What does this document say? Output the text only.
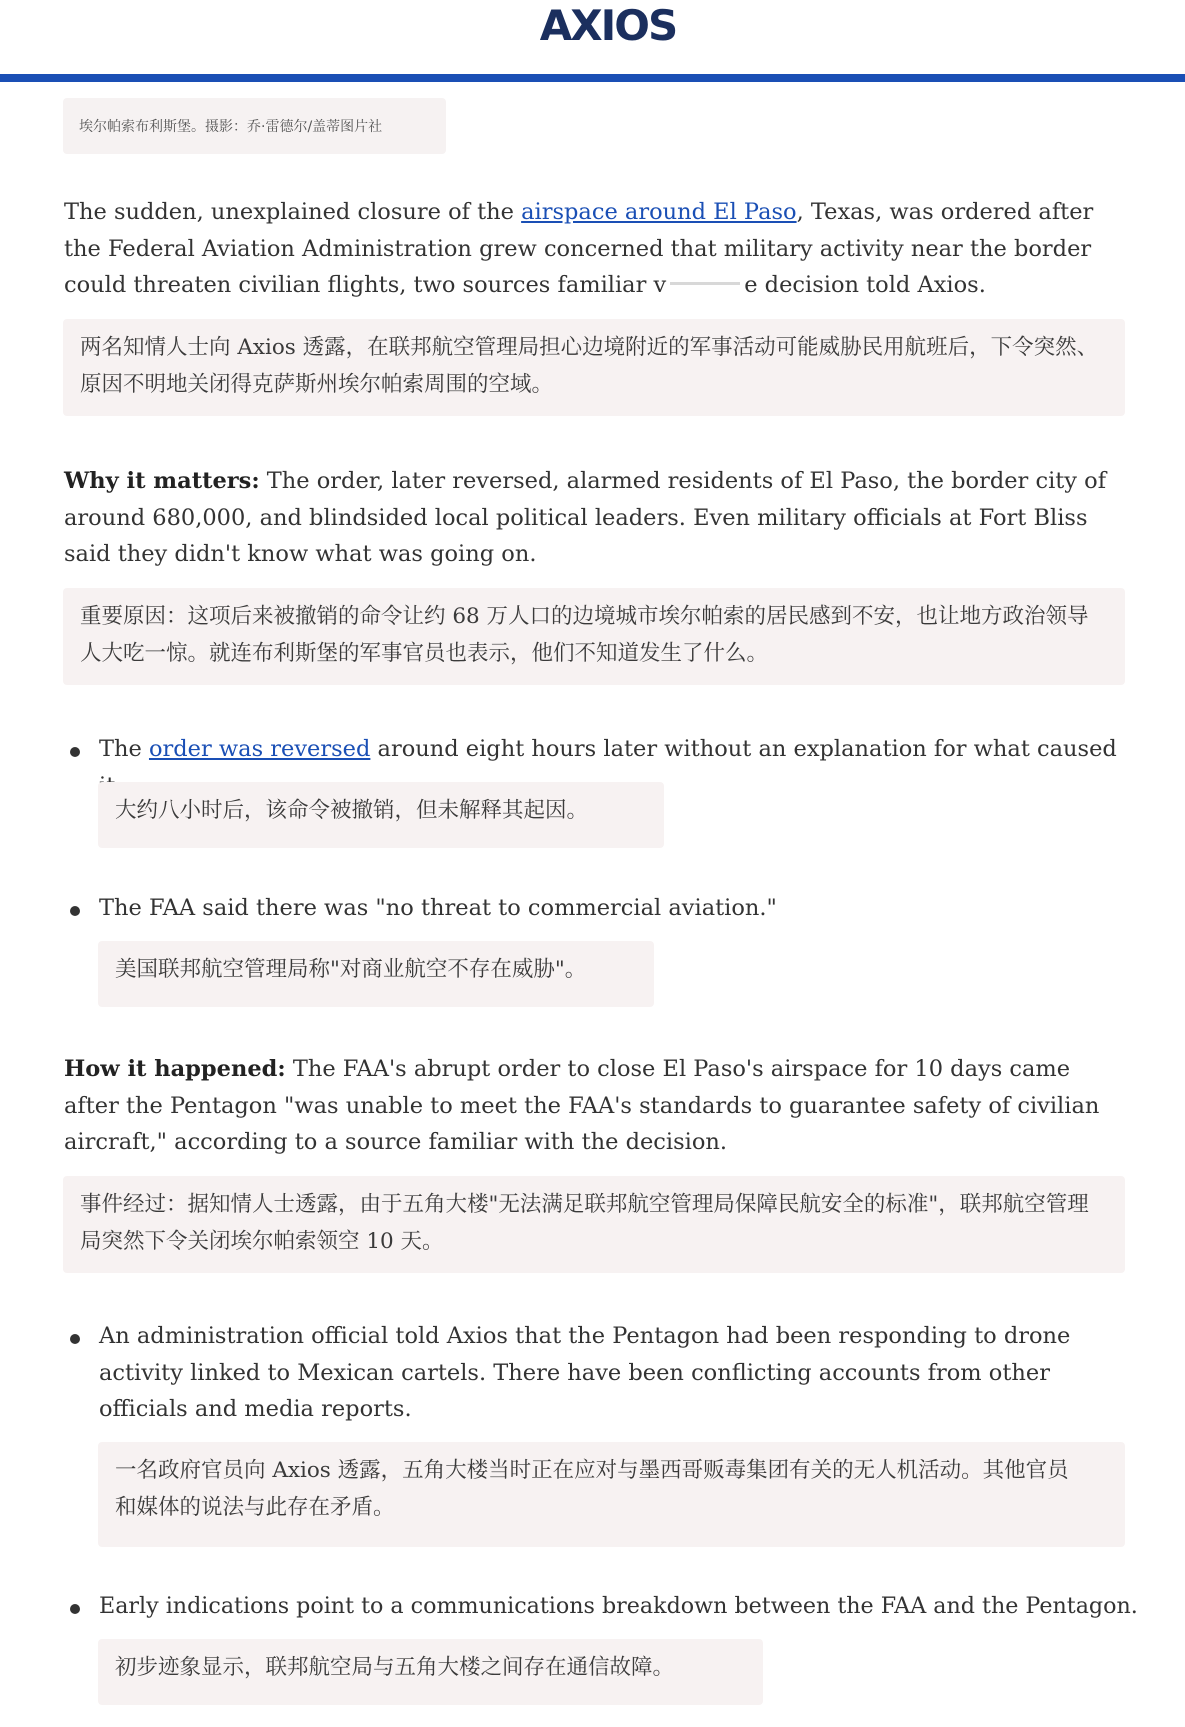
AXIOS
埃尔帕索布利斯堡。摄影：乔·雷德尔/盖蒂图片社

The sudden, unexplained closure of the airspace around El Paso, Texas, was ordered after the Federal Aviation Administration grew concerned that military activity near the border could threaten civilian flights, two sources familiar v	e decision told Axios.

两名知情人士向 Axios 透露，在联邦航空管理局担心边境附近的军事活动可能威胁民用航班后，下令突然、原因不明地关闭得克萨斯州埃尔帕索周围的空域。

Why it matters: The order, later reversed, alarmed residents of El Paso, the border city of around 680,000, and blindsided local political leaders. Even military officials at Fort Bliss said they didn't know what was going on.

重要原因：这项后来被撤销的命令让约 68 万人口的边境城市埃尔帕索的居民感到不安，也让地方政治领导人大吃一惊。就连布利斯堡的军事官员也表示，他们不知道发生了什么。

The order was reversed around eight hours later without an explanation for what caused

大约八小时后，该命令被撤销，但未解释其起因。

The FAA said there was "no threat to commercial aviation."

美国联邦航空管理局称"对商业航空不存在威胁"。

How it happened: The FAA's abrupt order to close El Paso's airspace for 10 days came after the Pentagon "was unable to meet the FAA's standards to guarantee safety of civilian aircraft," according to a source familiar with the decision.

事件经过：据知情人士透露，由于五角大楼"无法满足联邦航空管理局保障民航安全的标准"，联邦航空管理局突然下令关闭埃尔帕索领空 10 天。

An administration official told Axios that the Pentagon had been responding to drone activity linked to Mexican cartels. There have been conflicting accounts from other officials and media reports.

一名政府官员向 Axios 透露，五角大楼当时正在应对与墨西哥贩毒集团有关的无人机活动。其他官员和媒体的说法与此存在矛盾。

Early indications point to a communications breakdown between the FAA and the Pentagon.

初步迹象显示，联邦航空局与五角大楼之间存在通信故障。
